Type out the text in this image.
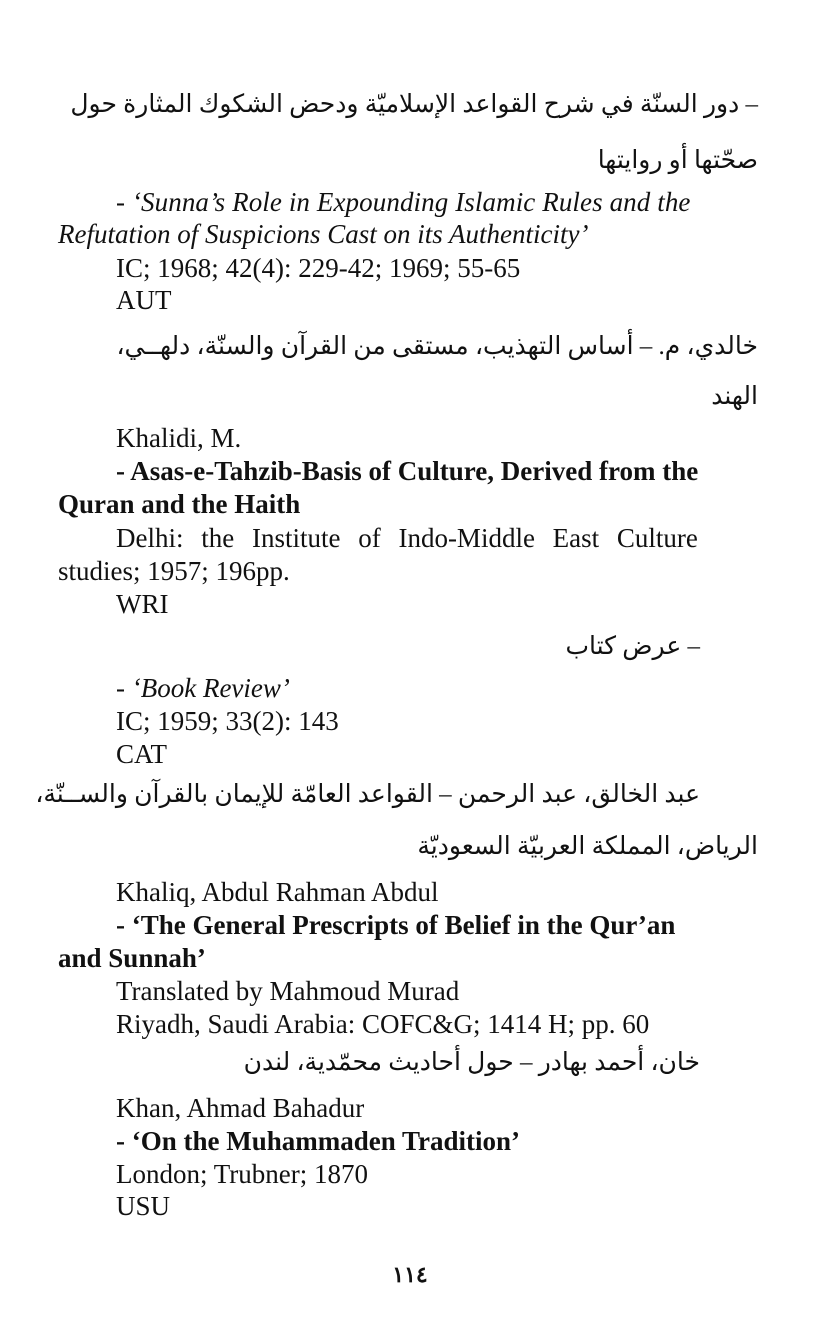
– دور السنّة في شرح القواعد الإسلاميّة ودحض الشكوك المثارة حول
صحّتها أو روايتها
- ‘Sunna’s Role in Expounding Islamic Rules and the
Refutation of Suspicions Cast on its Authenticity’
IC; 1968; 42(4): 229-42; 1969; 55-65
AUT
خالدي، م. – أساس التهذيب، مستقى من القرآن والسنّة، دلهــي،
الهند
Khalidi, M.
- Asas-e-Tahzib-Basis of Culture, Derived from the
Quran and the Haith
Delhi: the Institute of Indo-Middle East Culture
studies; 1957; 196pp.
WRI
– عرض كتاب
- ‘Book Review’
IC; 1959; 33(2): 143
CAT
عبد الخالق، عبد الرحمن – القواعد العامّة للإيمان بالقرآن والســنّة،
الرياض، المملكة العربيّة السعوديّة
Khaliq, Abdul Rahman Abdul
- ‘The General Prescripts of Belief in the Qur’an
and Sunnah’
Translated by Mahmoud Murad
Riyadh, Saudi Arabia: COFC&G; 1414 H; pp. 60
خان، أحمد بهادر – حول أحاديث محمّدية، لندن
Khan, Ahmad Bahadur
- ‘On the Muhammaden Tradition’
London; Trubner; 1870
USU
١١٤
